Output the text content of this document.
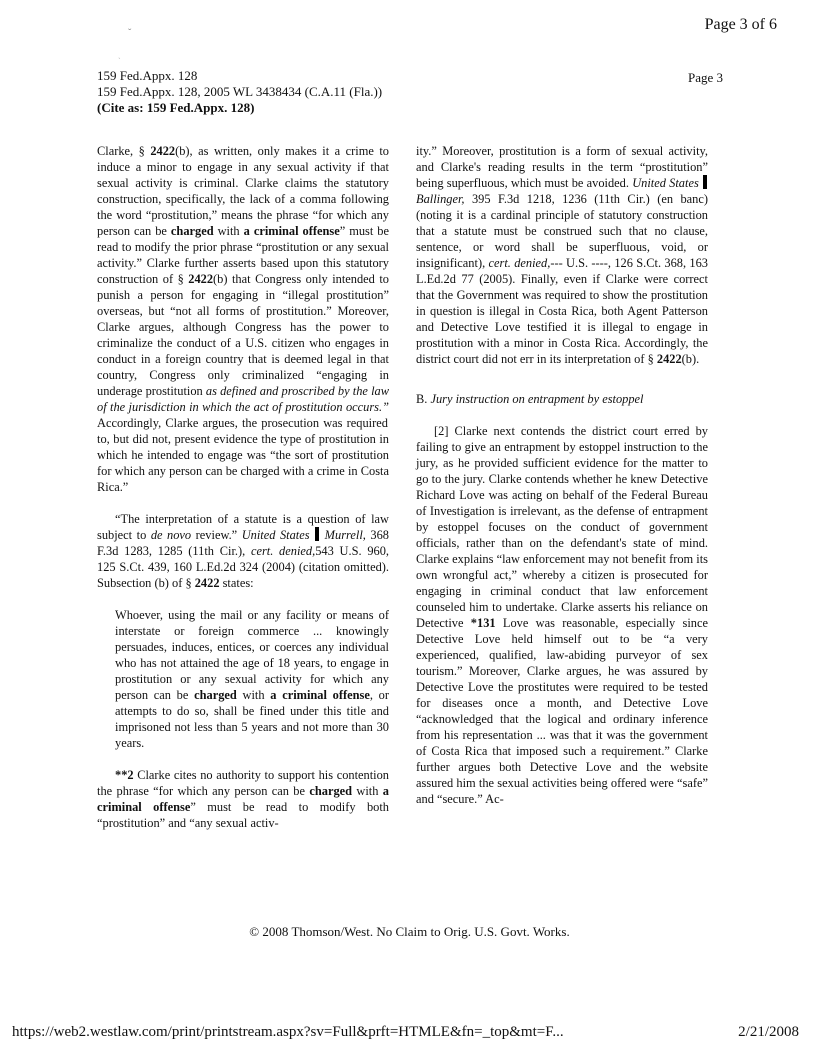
ˇ
ˎ
Page 3 of 6
159 Fed.Appx. 128
159 Fed.Appx. 128, 2005 WL 3438434 (C.A.11 (Fla.))
(Cite as: 159 Fed.Appx. 128)
Page 3

Clarke, § 2422(b), as written, only makes it a crime to induce a minor to engage in any sexual activity if that sexual activity is criminal. Clarke claims the statutory construction, specifically, the lack of a comma following the word “prostitution,” means the phrase “for which any person can be charged with a criminal offense” must be read to modify the prior phrase “prostitution or any sexual activity.” Clarke further asserts based upon this statutory construction of § 2422(b) that Congress only intended to punish a person for engaging in “illegal prostitution” overseas, but “not all forms of prostitution.” Moreover, Clarke argues, although Congress has the power to criminalize the conduct of a U.S. citizen who engages in conduct in a foreign country that is deemed legal in that country, Congress only criminalized “engaging in underage prostitution as defined and proscribed by the law of the jurisdiction in which the act of prostitution occurs.” Accordingly, Clarke argues, the prosecution was required to, but did not, present evidence the type of prostitution in which he intended to engage was “the sort of prostitution for which any person can be charged with a crime in Costa Rica.”

“The interpretation of a statute is a question of law subject to de novo review.” United States Murrell, 368 F.3d 1283, 1285 (11th Cir.), cert. denied,543 U.S. 960, 125 S.Ct. 439, 160 L.Ed.2d 324 (2004) (citation omitted). Subsection (b) of § 2422 states:

Whoever, using the mail or any facility or means of interstate or foreign commerce ... knowingly persuades, induces, entices, or coerces any individual who has not attained the age of 18 years, to engage in prostitution or any sexual activity for which any person can be charged with a criminal offense, or attempts to do so, shall be fined under this title and imprisoned not less than 5 years and not more than 30 years.

**2 Clarke cites no authority to support his contention the phrase “for which any person can be charged with a criminal offense” must be read to modify both “prostitution” and “any sexual activ-

ity.” Moreover, prostitution is a form of sexual activity, and Clarke's reading results in the term “prostitution” being superfluous, which must be avoided. United States  Ballinger, 395 F.3d 1218, 1236 (11th Cir.) (en banc) (noting it is a cardinal principle of statutory construction that a statute must be construed such that no clause, sentence, or word shall be superfluous, void, or insignificant), cert. denied,--- U.S. ----, 126 S.Ct. 368, 163 L.Ed.2d 77 (2005). Finally, even if Clarke were correct that the Government was required to show the prostitution in question is illegal in Costa Rica, both Agent Patterson and Detective Love testified it is illegal to engage in prostitution with a minor in Costa Rica. Accordingly, the district court did not err in its interpretation of § 2422(b).

B. Jury instruction on entrapment by estoppel

[2] Clarke next contends the district court erred by failing to give an entrapment by estoppel instruction to the jury, as he provided sufficient evidence for the matter to go to the jury. Clarke contends whether he knew Detective Richard Love was acting on behalf of the Federal Bureau of Investigation is irrelevant, as the defense of entrapment by estoppel focuses on the conduct of government officials, rather than on the defendant's state of mind. Clarke explains “law enforcement may not benefit from its own wrongful act,” whereby a citizen is prosecuted for engaging in criminal conduct that law enforcement counseled him to undertake. Clarke asserts his reliance on Detective *131 Love was reasonable, especially since Detective Love held himself out to be “a very experienced, qualified, law-abiding purveyor of sex tourism.” Moreover, Clarke argues, he was assured by Detective Love the prostitutes were required to be tested for diseases once a month, and Detective Love “acknowledged that the logical and ordinary inference from his representation ... was that it was the government of Costa Rica that imposed such a requirement.” Clarke further argues both Detective Love and the website assured him the sexual activities being offered were “safe” and “secure.” Ac-

© 2008 Thomson/West. No Claim to Orig. U.S. Govt. Works.
https://web2.westlaw.com/print/printstream.aspx?sv=Full&prft=HTMLE&fn=_top&mt=F...	2/21/2008
